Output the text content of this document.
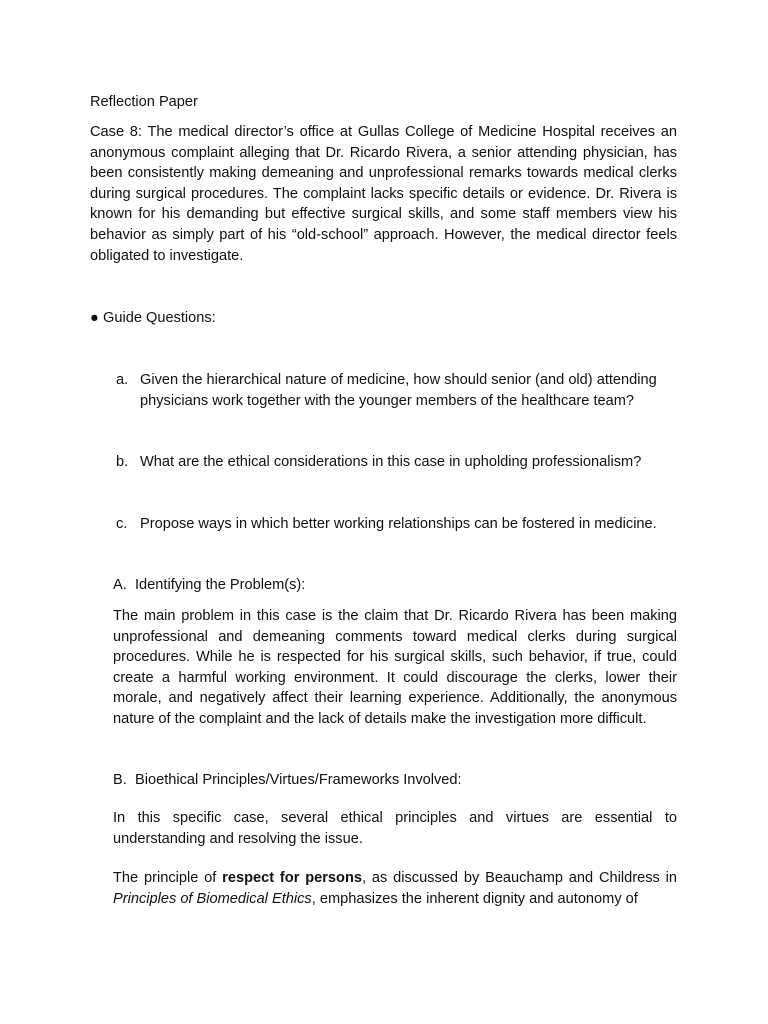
Reflection Paper

Case 8: The medical director’s office at Gullas College of Medicine Hospital receives an anonymous complaint alleging that Dr. Ricardo Rivera, a senior attending physician, has been consistently making demeaning and unprofessional remarks towards medical clerks during surgical procedures. The complaint lacks specific details or evidence. Dr. Rivera is known for his demanding but effective surgical skills, and some staff members view his behavior as simply part of his “old-school” approach. However, the medical director feels obligated to investigate.

● Guide Questions:

a. Given the hierarchical nature of medicine, how should senior (and old) attending physicians work together with the younger members of the healthcare team?
b. What are the ethical considerations in this case in upholding professionalism?
c. Propose ways in which better working relationships can be fostered in medicine.

A. Identifying the Problem(s):

The main problem in this case is the claim that Dr. Ricardo Rivera has been making unprofessional and demeaning comments toward medical clerks during surgical procedures. While he is respected for his surgical skills, such behavior, if true, could create a harmful working environment. It could discourage the clerks, lower their morale, and negatively affect their learning experience. Additionally, the anonymous nature of the complaint and the lack of details make the investigation more difficult.

B. Bioethical Principles/Virtues/Frameworks Involved:

In this specific case, several ethical principles and virtues are essential to understanding and resolving the issue.

The principle of respect for persons, as discussed by Beauchamp and Childress in Principles of Biomedical Ethics, emphasizes the inherent dignity and autonomy of
